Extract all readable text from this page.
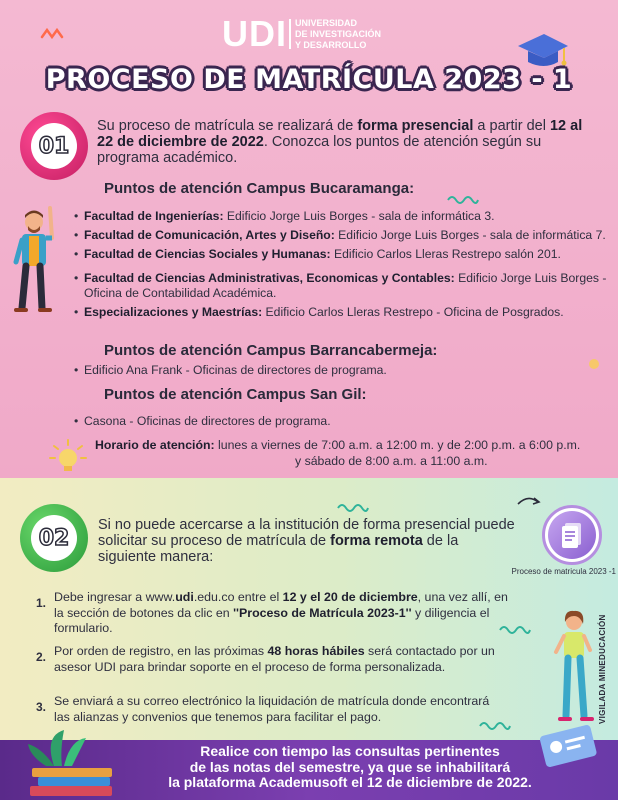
UDI UNIVERSIDAD
DE INVESTIGACIÓN
Y DESARROLLO
PROCESO DE MATRÍCULA 2023 - 1
01
Su proceso de matrícula se realizará de forma presencial a partir del 12 al 22 de diciembre de 2022. Conozca los puntos de atención según su programa académico.
Puntos de atención Campus Bucaramanga:
• Facultad de Ingenierías: Edificio Jorge Luis Borges - sala de informática 3.
• Facultad de Comunicación, Artes y Diseño: Edificio Jorge Luis Borges - sala de informática 7.
• Facultad de Ciencias Sociales y Humanas: Edificio Carlos Lleras Restrepo salón 201.
• Facultad de Ciencias Administrativas, Economicas y Contables: Edificio Jorge Luis Borges - Oficina de Contabilidad Académica.
• Especializaciones y Maestrías: Edificio Carlos Lleras Restrepo - Oficina de Posgrados.
Puntos de atención Campus Barrancabermeja:
• Edificio Ana Frank - Oficinas de directores de programa.
Puntos de atención Campus San Gil:
• Casona - Oficinas de directores de programa.
Horario de atención: lunes a viernes de 7:00 a.m. a 12:00 m. y de 2:00 p.m. a 6:00 p.m.
y sábado de 8:00 a.m. a 11:00 a.m.
02
Si no puede acercarse a la institución de forma presencial puede solicitar su proceso de matrícula de forma remota de la siguiente manera:
Proceso de matricula 2023 -1
1. Debe ingresar a www.udi.edu.co entre el 12 y el 20 de diciembre, una vez allí, en la sección de botones da clic en ''Proceso de Matrícula 2023-1'' y diligencia el formulario.
2. Por orden de registro, en las próximas 48 horas hábiles será contactado por un asesor UDI para brindar soporte en el proceso de forma personalizada.
3. Se enviará a su correo electrónico la liquidación de matrícula donde encontrará las alianzas y convenios que tenemos para facilitar el pago.	VIGILADA MINEDUCACIÓN
Realice con tiempo las consultas pertinentes
de las notas del semestre, ya que se inhabilitará
la plataforma Academusoft el 12 de diciembre de 2022.
